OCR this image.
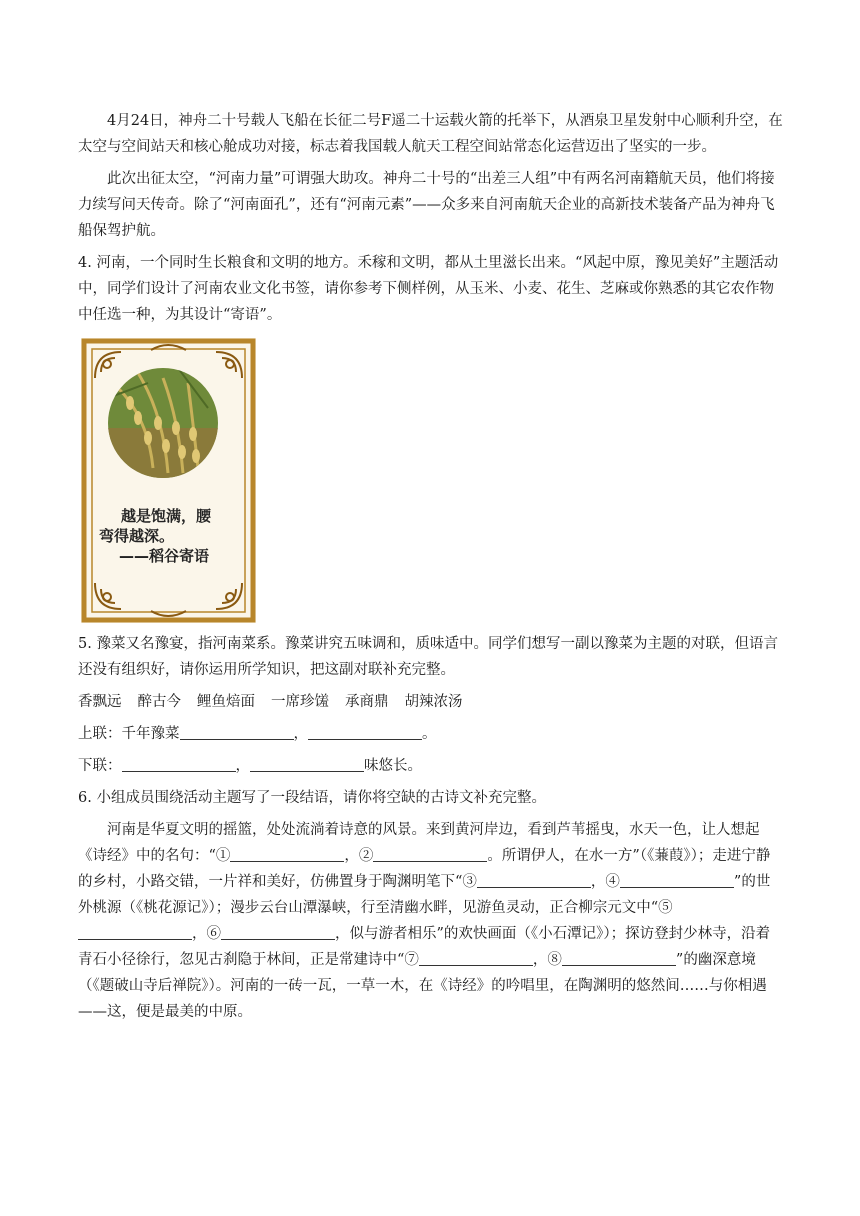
4月24日，神舟二十号载人飞船在长征二号F遥二十运载火箭的托举下，从酒泉卫星发射中心顺利升空，在太空与空间站天和核心舱成功对接，标志着我国载人航天工程空间站常态化运营迈出了坚实的一步。

此次出征太空，“河南力量”可谓强大助攻。神舟二十号的“出差三人组”中有两名河南籍航天员，他们将接力续写问天传奇。除了“河南面孔”，还有“河南元素”——众多来自河南航天企业的高新技术装备产品为神舟飞船保驾护航。

4. 河南，一个同时生长粮食和文明的地方。禾稼和文明，都从土里滋长出来。“风起中原，豫见美好”主题活动中，同学们设计了河南农业文化书签，请你参考下侧样例，从玉米、小麦、花生、芝麻或你熟悉的其它农作物中任选一种，为其设计“寄语”。

越是饱满，腰
弯得越深。
——稻谷寄语

5. 豫菜又名豫宴，指河南菜系。豫菜讲究五味调和，质味适中。同学们想写一副以豫菜为主题的对联，但语言还没有组织好，请你运用所学知识，把这副对联补充完整。

香飘远 醉古今 鲤鱼焙面 一席珍馐 承商鼎 胡辣浓汤

上联：千年豫菜	，	。

下联：	，	味悠长。

6. 小组成员围绕活动主题写了一段结语，请你将空缺的古诗文补充完整。

河南是华夏文明的摇篮，处处流淌着诗意的风景。来到黄河岸边，看到芦苇摇曳，水天一色，让人想起《诗经》中的名句：“①	，②	。所谓伊人，在水一方”（《蒹葭》）；走进宁静的乡村，小路交错，一片祥和美好，仿佛置身于陶渊明笔下“③	，④	”的世外桃源（《桃花源记》）；漫步云台山潭瀑峡，行至清幽水畔，见游鱼灵动，正合柳宗元文中“⑤，⑥	，似与游者相乐”的欢快画面（《小石潭记》）；探访登封少林寺，沿着青石小径徐行，忽见古刹隐于林间，正是常建诗中“⑦	，⑧	”的幽深意境（《题破山寺后禅院》）。河南的一砖一瓦，一草一木，在《诗经》的吟唱里，在陶渊明的悠然间……与你相遇——这，便是最美的中原。
